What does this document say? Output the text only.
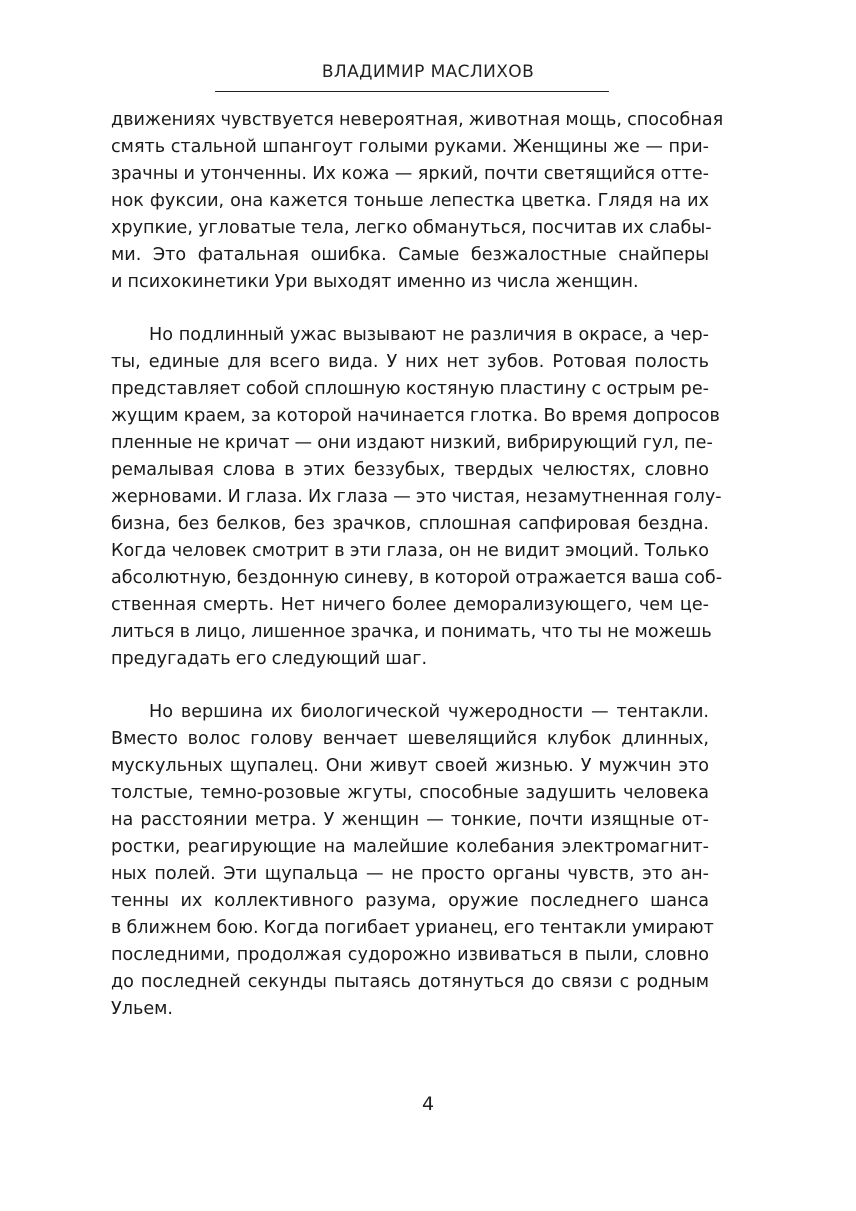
ВЛАДИМИР МАСЛИХОВ
движениях чувствуется невероятная, животная мощь, способная
смять стальной шпангоут голыми руками. Женщины же — при-
зрачны и утонченны. Их кожа — яркий, почти светящийся отте-
нок фуксии, она кажется тоньше лепестка цветка. Глядя на их
хрупкие, угловатые тела, легко обмануться, посчитав их слабы-
ми. Это фатальная ошибка. Самые безжалостные снайперы
и психокинетики Ури выходят именно из числа женщин.
Но подлинный ужас вызывают не различия в окрасе, а чер-
ты, единые для всего вида. У них нет зубов. Ротовая полость
представляет собой сплошную костяную пластину с острым ре-
жущим краем, за которой начинается глотка. Во время допросов
пленные не кричат — они издают низкий, вибрирующий гул, пе-
ремалывая слова в этих беззубых, твердых челюстях, словно
жерновами. И глаза. Их глаза — это чистая, незамутненная голу-
бизна, без белков, без зрачков, сплошная сапфировая бездна.
Когда человек смотрит в эти глаза, он не видит эмоций. Только
абсолютную, бездонную синеву, в которой отражается ваша соб-
ственная смерть. Нет ничего более деморализующего, чем це-
литься в лицо, лишенное зрачка, и понимать, что ты не можешь
предугадать его следующий шаг.
Но вершина их биологической чужеродности — тентакли.
Вместо волос голову венчает шевелящийся клубок длинных,
мускульных щупалец. Они живут своей жизнью. У мужчин это
толстые, темно-розовые жгуты, способные задушить человека
на расстоянии метра. У женщин — тонкие, почти изящные от-
ростки, реагирующие на малейшие колебания электромагнит-
ных полей. Эти щупальца — не просто органы чувств, это ан-
тенны их коллективного разума, оружие последнего шанса
в ближнем бою. Когда погибает урианец, его тентакли умирают
последними, продолжая судорожно извиваться в пыли, словно
до последней секунды пытаясь дотянуться до связи с родным
Ульем.
4
